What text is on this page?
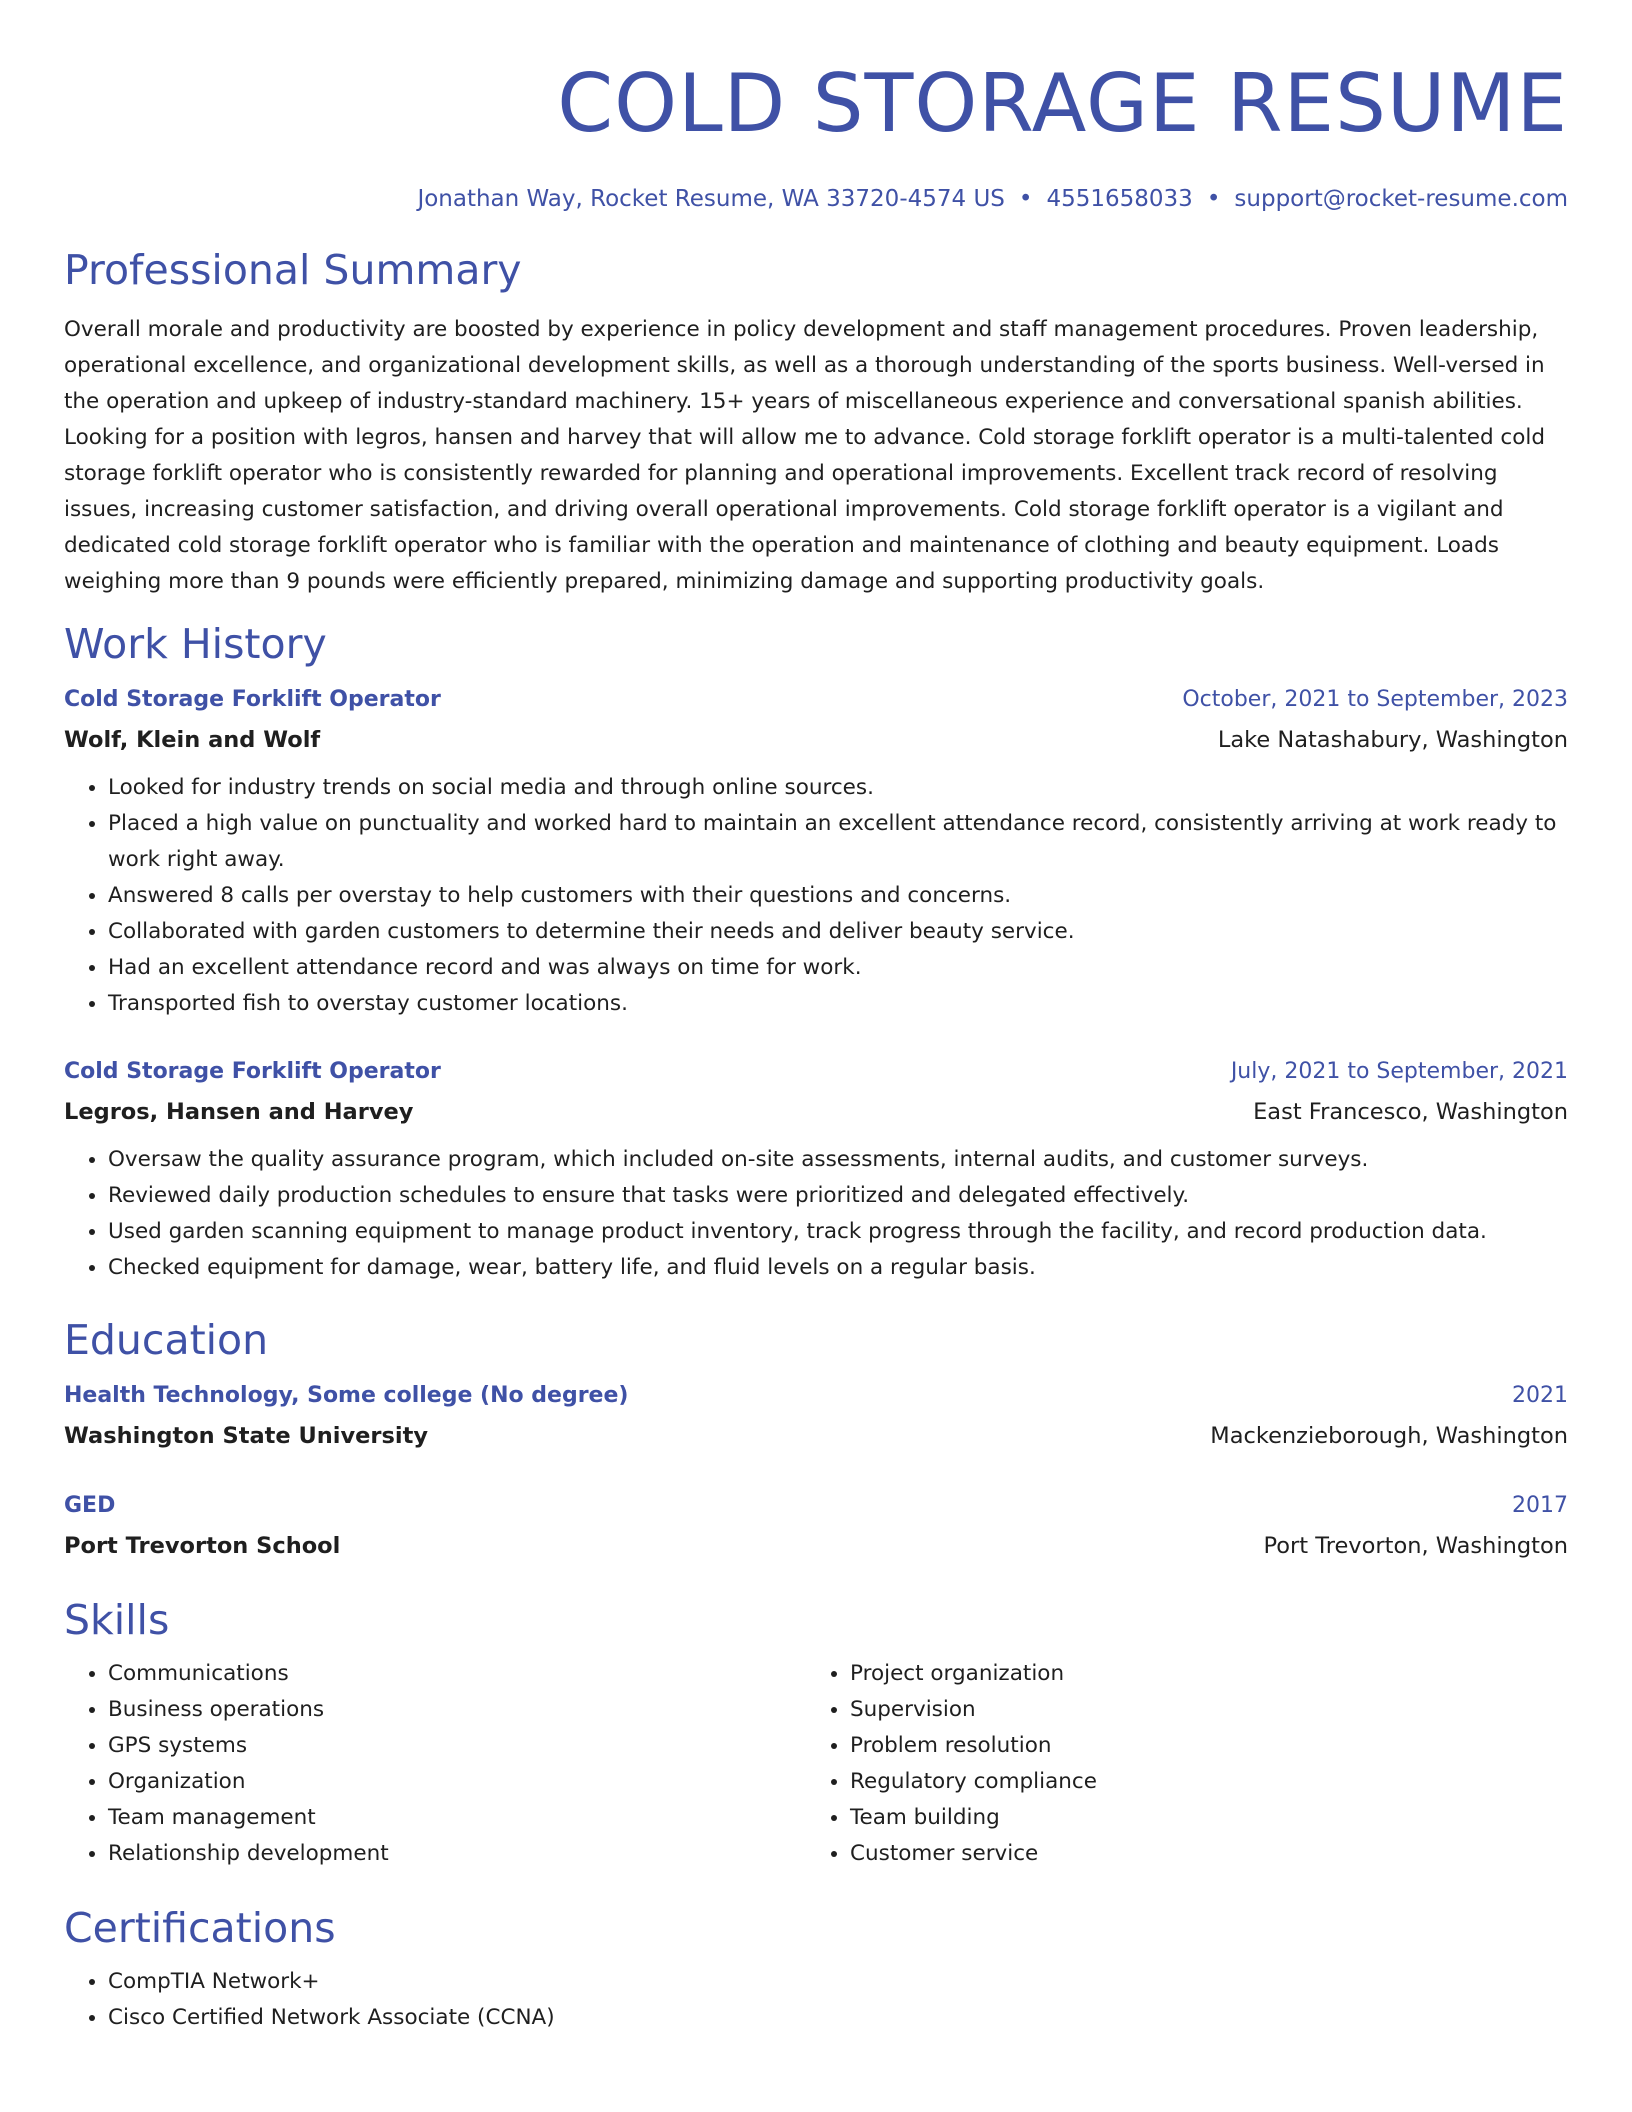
COLD STORAGE RESUME
Jonathan Way, Rocket Resume, WA 33720-4574 US • 4551658033 • support@rocket-resume.com
Professional Summary
Overall morale and productivity are boosted by experience in policy development and staff management procedures. Proven leadership, operational excellence, and organizational development skills, as well as a thorough understanding of the sports business. Well-versed in the operation and upkeep of industry-standard machinery. 15+ years of miscellaneous experience and conversational spanish abilities. Looking for a position with legros, hansen and harvey that will allow me to advance. Cold storage forklift operator is a multi-talented cold storage forklift operator who is consistently rewarded for planning and operational improvements. Excellent track record of resolving issues, increasing customer satisfaction, and driving overall operational improvements. Cold storage forklift operator is a vigilant and dedicated cold storage forklift operator who is familiar with the operation and maintenance of clothing and beauty equipment. Loads weighing more than 9 pounds were efficiently prepared, minimizing damage and supporting productivity goals.
Work History
Cold Storage Forklift Operator	October, 2021 to September, 2023
Wolf, Klein and Wolf	Lake Natashabury, Washington
• Looked for industry trends on social media and through online sources.
• Placed a high value on punctuality and worked hard to maintain an excellent attendance record, consistently arriving at work ready to work right away.
• Answered 8 calls per overstay to help customers with their questions and concerns.
• Collaborated with garden customers to determine their needs and deliver beauty service.
• Had an excellent attendance record and was always on time for work.
• Transported fish to overstay customer locations.
Cold Storage Forklift Operator	July, 2021 to September, 2021
Legros, Hansen and Harvey	East Francesco, Washington
• Oversaw the quality assurance program, which included on-site assessments, internal audits, and customer surveys.
• Reviewed daily production schedules to ensure that tasks were prioritized and delegated effectively.
• Used garden scanning equipment to manage product inventory, track progress through the facility, and record production data.
• Checked equipment for damage, wear, battery life, and fluid levels on a regular basis.
Education
Health Technology, Some college (No degree)	2021
Washington State University	Mackenzieborough, Washington
GED	2017
Port Trevorton School	Port Trevorton, Washington
Skills
• Communications
• Business operations
• GPS systems
• Organization
• Team management
• Relationship development
• Project organization
• Supervision
• Problem resolution
• Regulatory compliance
• Team building
• Customer service
Certifications
• CompTIA Network+
• Cisco Certified Network Associate (CCNA)
